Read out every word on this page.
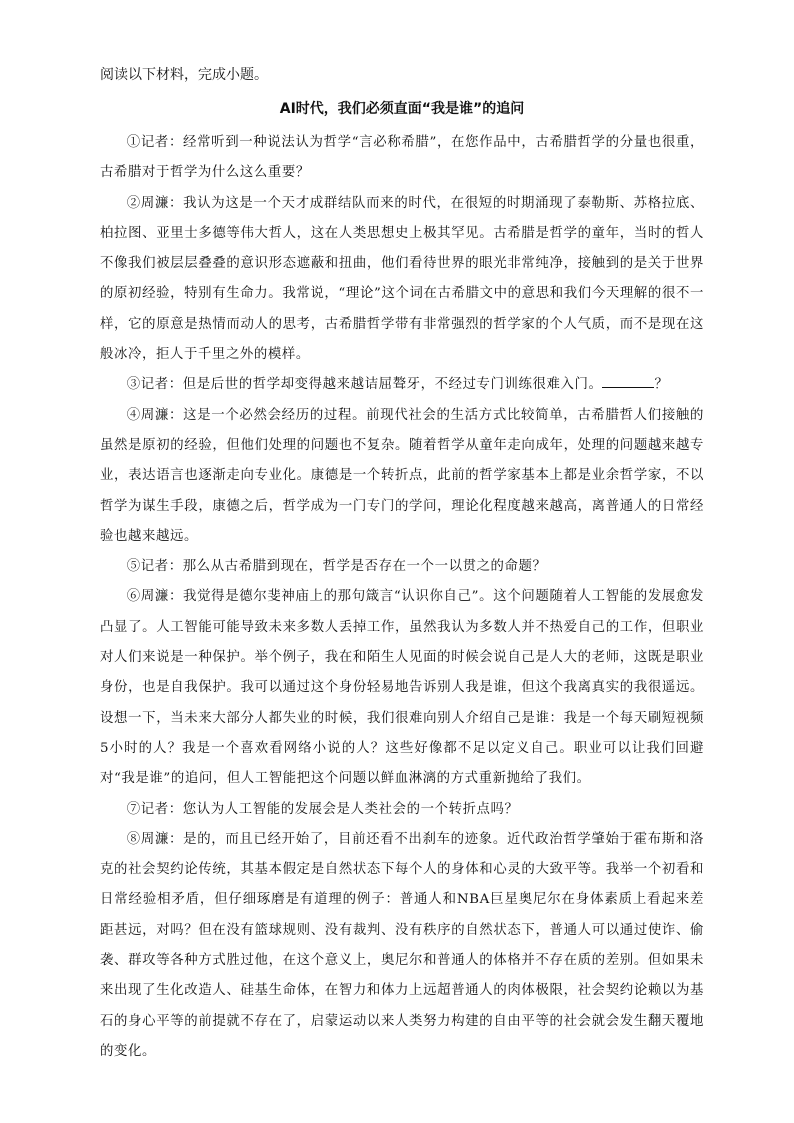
阅读以下材料，完成小题。

AI时代，我们必须直面“我是谁”的追问

①记者：经常听到一种说法认为哲学“言必称希腊”，在您作品中，古希腊哲学的分量也很重，古希腊对于哲学为什么这么重要？

②周濂：我认为这是一个天才成群结队而来的时代，在很短的时期涌现了泰勒斯、苏格拉底、柏拉图、亚里士多德等伟大哲人，这在人类思想史上极其罕见。古希腊是哲学的童年，当时的哲人不像我们被层层叠叠的意识形态遮蔽和扭曲，他们看待世界的眼光非常纯净，接触到的是关于世界的原初经验，特别有生命力。我常说，“理论”这个词在古希腊文中的意思和我们今天理解的很不一样，它的原意是热情而动人的思考，古希腊哲学带有非常强烈的哲学家的个人气质，而不是现在这般冰冷，拒人于千里之外的模样。

③记者：但是后世的哲学却变得越来越诘屈聱牙，不经过专门训练很难入门。	？

④周濂：这是一个必然会经历的过程。前现代社会的生活方式比较简单，古希腊哲人们接触的虽然是原初的经验，但他们处理的问题也不复杂。随着哲学从童年走向成年，处理的问题越来越专业，表达语言也逐渐走向专业化。康德是一个转折点，此前的哲学家基本上都是业余哲学家，不以哲学为谋生手段，康德之后，哲学成为一门专门的学问，理论化程度越来越高，离普通人的日常经验也越来越远。

⑤记者：那么从古希腊到现在，哲学是否存在一个一以贯之的命题？

⑥周濂：我觉得是德尔斐神庙上的那句箴言“认识你自己”。这个问题随着人工智能的发展愈发凸显了。人工智能可能导致未来多数人丢掉工作，虽然我认为多数人并不热爱自己的工作，但职业对人们来说是一种保护。举个例子，我在和陌生人见面的时候会说自己是人大的老师，这既是职业身份，也是自我保护。我可以通过这个身份轻易地告诉别人我是谁，但这个我离真实的我很遥远。设想一下，当未来大部分人都失业的时候，我们很难向别人介绍自己是谁：我是一个每天刷短视频5小时的人？我是一个喜欢看网络小说的人？这些好像都不足以定义自己。职业可以让我们回避对“我是谁”的追问，但人工智能把这个问题以鲜血淋漓的方式重新抛给了我们。

⑦记者：您认为人工智能的发展会是人类社会的一个转折点吗？

⑧周濂：是的，而且已经开始了，目前还看不出刹车的迹象。近代政治哲学肇始于霍布斯和洛克的社会契约论传统，其基本假定是自然状态下每个人的身体和心灵的大致平等。我举一个初看和日常经验相矛盾，但仔细琢磨是有道理的例子：普通人和NBA巨星奥尼尔在身体素质上看起来差距甚远，对吗？但在没有篮球规则、没有裁判、没有秩序的自然状态下，普通人可以通过使诈、偷袭、群攻等各种方式胜过他，在这个意义上，奥尼尔和普通人的体格并不存在质的差别。但如果未来出现了生化改造人、硅基生命体，在智力和体力上远超普通人的肉体极限，社会契约论赖以为基石的身心平等的前提就不存在了，启蒙运动以来人类努力构建的自由平等的社会就会发生翻天覆地的变化。
